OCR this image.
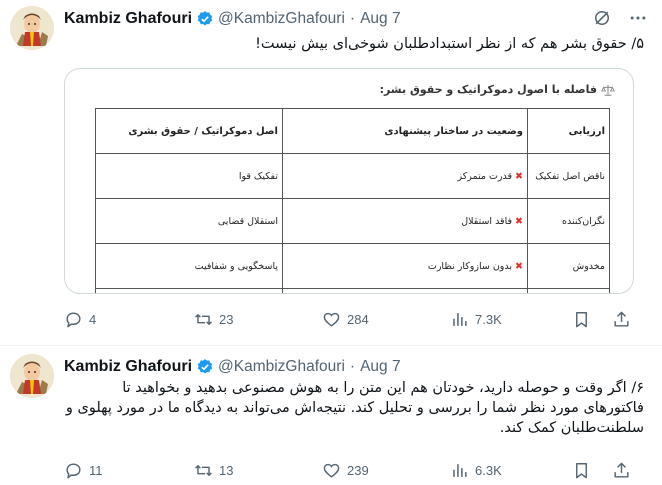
Kambiz Ghafouri @KambizGhafouri · Aug 7
۵/ حقوق بشر هم که از نظر استبدادطلبان شوخی‌ای بیش نیست!
فاصله با اصول دموکراتیک و حقوق بشر:
ارزیابی	وضعیت در ساختار پیشنهادی	اصل دموکراتیک / حقوق بشری
ناقض اصل تفکیک	✖قدرت متمرکز	تفکیک قوا
نگران‌کننده	✖فاقد استقلال	استقلال قضایی
مخدوش	✖بدون سازوکار نظارت	پاسخگویی و شفافیت

4	23	284	7.3K
Kambiz Ghafouri @KambizGhafouri · Aug 7
۶/ اگر وقت و حوصله دارید، خودتان هم این متن را به هوش مصنوعی بدهید و بخواهید تا فاکتورهای مورد نظر شما را بررسی و تحلیل کند. نتیجه‌اش می‌تواند به دیدگاه ما در مورد پهلوی و سلطنت‌طلبان کمک کند.
11	13	239	6.3K
